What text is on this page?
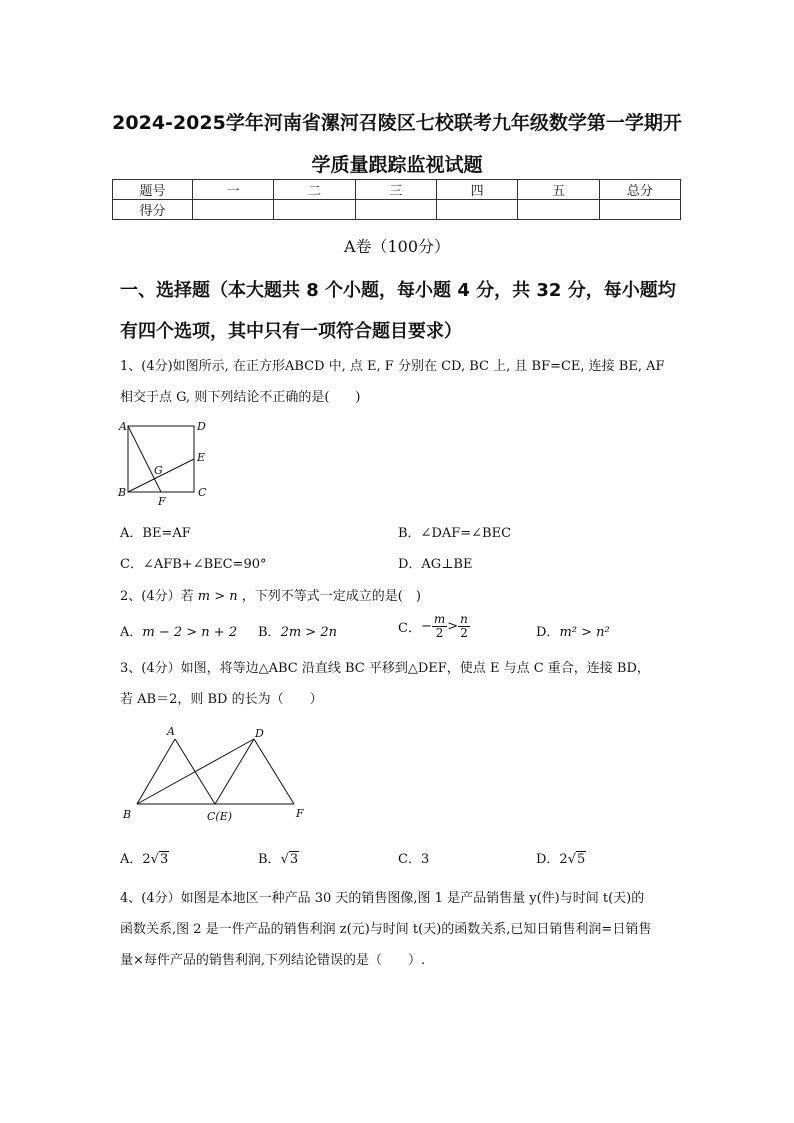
2024-2025学年河南省漯河召陵区七校联考九年级数学第一学期开
学质量跟踪监视试题
题号	一	二	三	四	五	总分
得分						
A卷（100分）
一、选择题（本大题共 8 个小题，每小题 4 分，共 32 分，每小题均
有四个选项，其中只有一项符合题目要求）
1、(4分)如图所示, 在正方形ABCD 中, 点 E, F 分别在 CD, BC 上, 且 BF=CE, 连接 BE, AF
相交于点 G, 则下列结论不正确的是(　　)
A	D
E
G
B	C
F
A．BE=AF	B．∠DAF=∠BEC
C．∠AFB+∠BEC=90°	D．AG⊥BE
2、(4分）若 m > n ，下列不等式一定成立的是(　)
A．m − 2 > n + 2 B．2m > 2n	C．− $\frac{m}{2} > \frac{n}{2}$	D．m² > n²
3、(4分）如图，将等边△ABC 沿直线 BC 平移到△DEF，使点 E 与点 C 重合，连接 BD，
若 AB＝2，则 BD 的长为（　　）
A	D
B	C(E)	F
A．2√3	B．√3	C．3	D．2√5
4、(4分）如图是本地区一种产品 30 天的销售图像,图 1 是产品销售量 y(件)与时间 t(天)的
函数关系,图 2 是一件产品的销售利润 z(元)与时间 t(天)的函数关系,已知日销售利润=日销售
量×每件产品的销售利润,下列结论错误的是（　　）.
